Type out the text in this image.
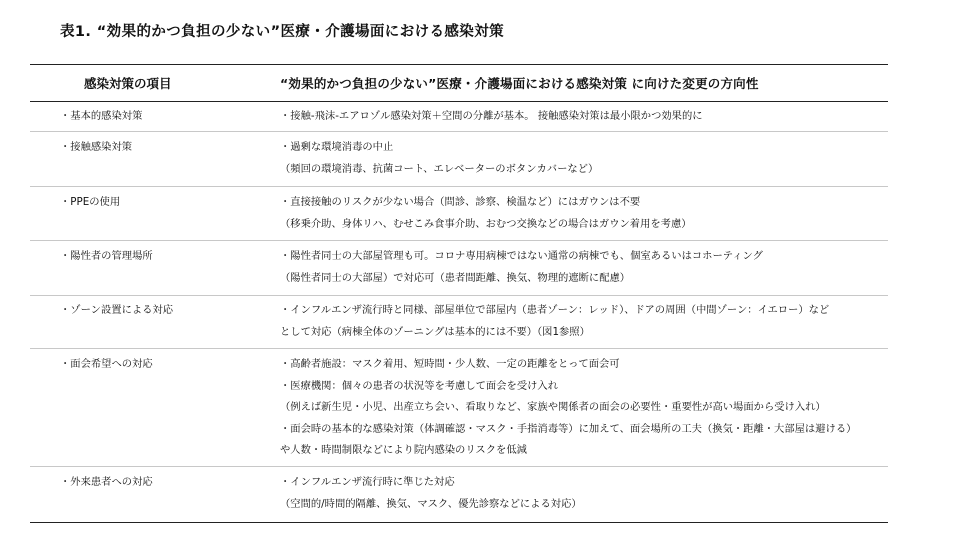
表1. “効果的かつ負担の少ない”医療・介護場面における感染対策
感染対策の項目	“効果的かつ負担の少ない”医療・介護場面における感染対策 に向けた変更の方向性
・基本的感染対策	・接触-飛沫-エアロゾル感染対策＋空間の分離が基本。 接触感染対策は最小限かつ効果的に
・接触感染対策	・過剰な環境消毒の中止
（頻回の環境消毒、抗菌コート、エレベーターのボタンカバーなど）
・PPEの使用	・直接接触のリスクが少ない場合（問診、診察、検温など）にはガウンは不要
（移乗介助、身体リハ、むせこみ食事介助、おむつ交換などの場合はガウン着用を考慮）
・陽性者の管理場所	・陽性者同士の大部屋管理も可。コロナ専用病棟ではない通常の病棟でも、個室あるいはコホーティング
（陽性者同士の大部屋）で対応可（患者間距離、換気、物理的遮断に配慮）
・ゾーン設置による対応	・インフルエンザ流行時と同様、部屋単位で部屋内（患者ゾーン：レッド）、ドアの周囲（中間ゾーン：イエロー）など
として対応（病棟全体のゾーニングは基本的には不要）（図1参照）
・面会希望への対応	・高齢者施設：マスク着用、短時間・少人数、一定の距離をとって面会可
・医療機関：個々の患者の状況等を考慮して面会を受け入れ
（例えば新生児・小児、出産立ち会い、看取りなど、家族や関係者の面会の必要性・重要性が高い場面から受け入れ）
・面会時の基本的な感染対策（体調確認・マスク・手指消毒等）に加えて、面会場所の工夫（換気・距離・大部屋は避ける）
や人数・時間制限などにより院内感染のリスクを低減
・外来患者への対応	・インフルエンザ流行時に準じた対応
（空間的/時間的隔離、換気、マスク、優先診察などによる対応）
